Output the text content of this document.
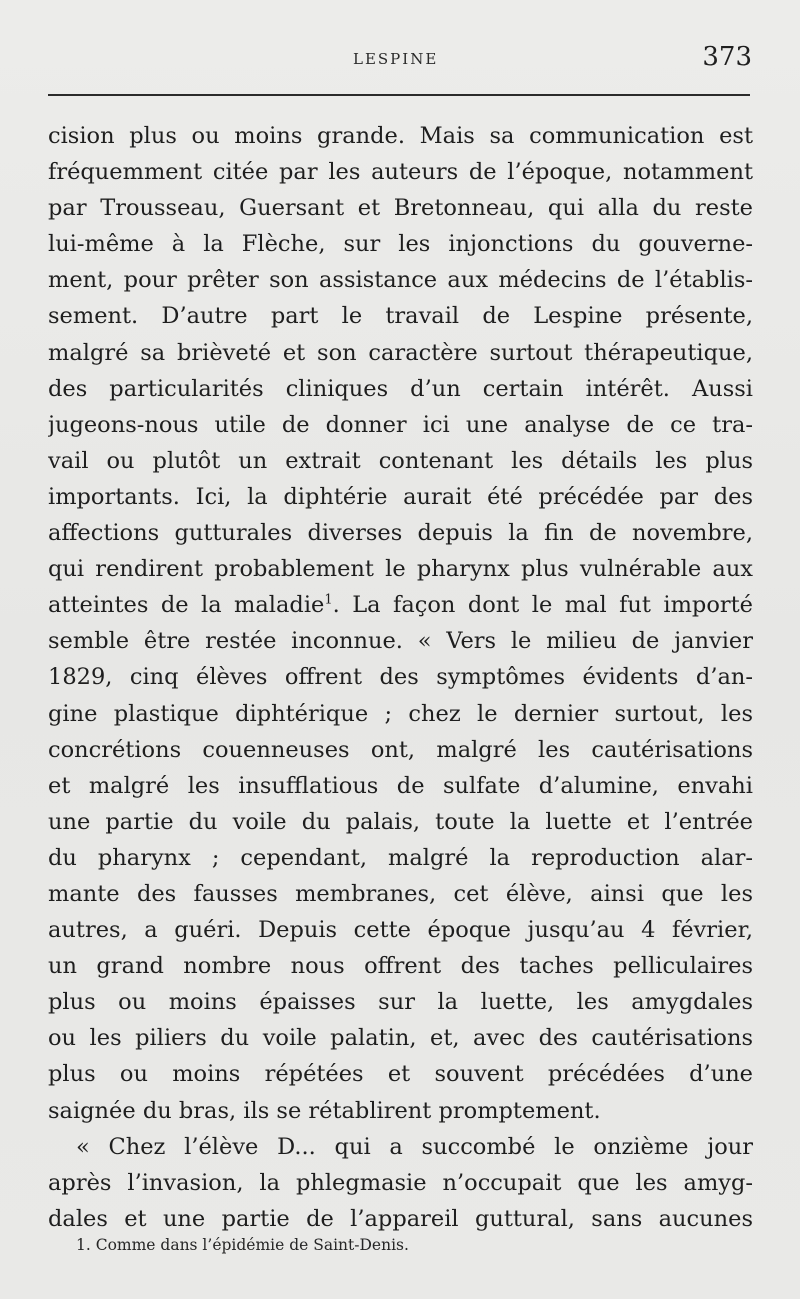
LESPINE	373
cision plus ou moins grande. Mais sa communication est
fréquemment citée par les auteurs de l’époque, notamment
par Trousseau, Guersant et Bretonneau, qui alla du reste
lui-même à la Flèche, sur les injonctions du gouverne-
ment, pour prêter son assistance aux médecins de l’établis-
sement. D’autre part le travail de Lespine présente,
malgré sa brièveté et son caractère surtout thérapeutique,
des particularités cliniques d’un certain intérêt. Aussi
jugeons-nous utile de donner ici une analyse de ce tra-
vail ou plutôt un extrait contenant les détails les plus
importants. Ici, la diphtérie aurait été précédée par des
affections gutturales diverses depuis la fin de novembre,
qui rendirent probablement le pharynx plus vulnérable aux
atteintes de la maladie$^1$. La façon dont le mal fut importé
semble être restée inconnue. « Vers le milieu de janvier
1829, cinq élèves offrent des symptômes évidents d’an-
gine plastique diphtérique ; chez le dernier surtout, les
concrétions couenneuses ont, malgré les cautérisations
et malgré les insufflatious de sulfate d’alumine, envahi
une partie du voile du palais, toute la luette et l’entrée
du pharynx ; cependant, malgré la reproduction alar-
mante des fausses membranes, cet élève, ainsi que les
autres, a guéri. Depuis cette époque jusqu’au 4 février,
un grand nombre nous offrent des taches pelliculaires
plus ou moins épaisses sur la luette, les amygdales
ou les piliers du voile palatin, et, avec des cautérisations
plus ou moins répétées et souvent précédées d’une
saignée du bras, ils se rétablirent promptement.
« Chez l’élève D... qui a succombé le onzième jour
après l’invasion, la phlegmasie n’occupait que les amyg-
dales et une partie de l’appareil guttural, sans aucunes
1. Comme dans l’épidémie de Saint-Denis.
